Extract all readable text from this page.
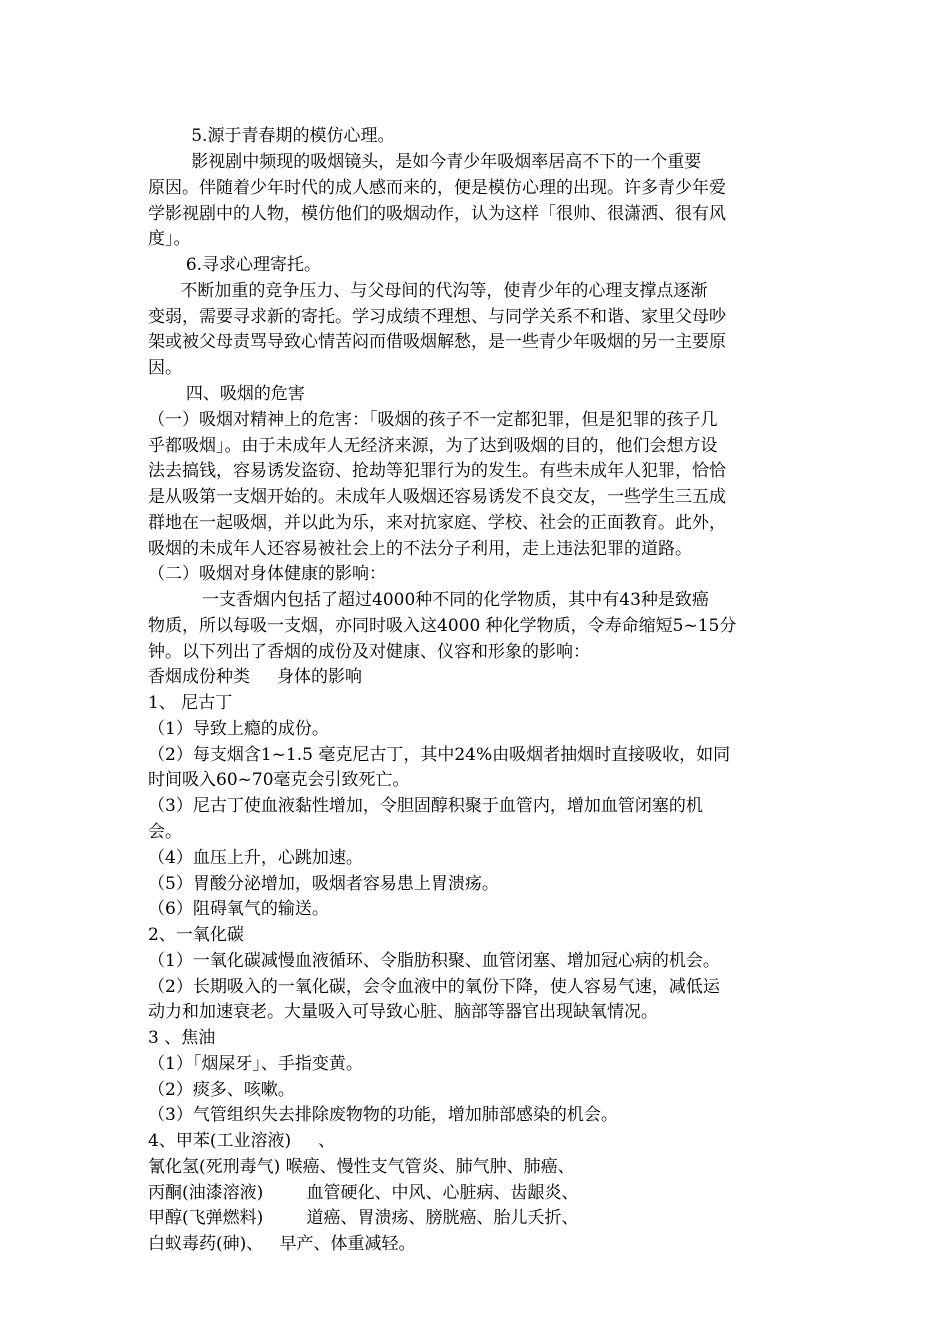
5.源于青春期的模仿心理。
影视剧中频现的吸烟镜头，是如今青少年吸烟率居高不下的一个重要
原因。伴随着少年时代的成人感而来的，便是模仿心理的出现。许多青少年爱
学影视剧中的人物，模仿他们的吸烟动作，认为这样「很帅、很潇洒、很有风
度」。
6.寻求心理寄托。
不断加重的竞争压力、与父母间的代沟等，使青少年的心理支撑点逐渐
变弱，需要寻求新的寄托。学习成绩不理想、与同学关系不和谐、家里父母吵
架或被父母责骂导致心情苦闷而借吸烟解愁，是一些青少年吸烟的另一主要原
因。
四、吸烟的危害
（一）吸烟对精神上的危害：「吸烟的孩子不一定都犯罪，但是犯罪的孩子几
乎都吸烟」。由于未成年人无经济来源，为了达到吸烟的目的，他们会想方设
法去搞钱，容易诱发盗窃、抢劫等犯罪行为的发生。有些未成年人犯罪，恰恰
是从吸第一支烟开始的。未成年人吸烟还容易诱发不良交友，一些学生三五成
群地在一起吸烟，并以此为乐，来对抗家庭、学校、社会的正面教育。此外，
吸烟的未成年人还容易被社会上的不法分子利用，走上违法犯罪的道路。
（二）吸烟对身体健康的影响：
一支香烟内包括了超过4000种不同的化学物质，其中有43种是致癌
物质，所以每吸一支烟，亦同时吸入这4000 种化学物质，令寿命缩短5~15分
钟。以下列出了香烟的成份及对健康、仪容和形象的影响：
香烟成份种类     身体的影响
1、 尼古丁
（1）导致上瘾的成份。
（2）每支烟含1~1.5 毫克尼古丁，其中24%由吸烟者抽烟时直接吸收，如同
时间吸入60~70毫克会引致死亡。
（3）尼古丁使血液黏性增加，令胆固醇积聚于血管内，增加血管闭塞的机
会。
（4）血压上升，心跳加速。
（5）胃酸分泌增加，吸烟者容易患上胃溃疡。
（6）阻碍氧气的输送。
2、一氧化碳
（1）一氧化碳减慢血液循环、令脂肪积聚、血管闭塞、增加冠心病的机会。
（2）长期吸入的一氧化碳，会令血液中的氧份下降，使人容易气速，减低运
动力和加速衰老。大量吸入可导致心脏、脑部等器官出现缺氧情况。
3 、焦油
（1）「烟屎牙」、手指变黄。
（2）痰多、咳嗽。
（3）气管组织失去排除废物物的功能，增加肺部感染的机会。
4、甲苯(工业溶液)     、
氰化氢(死刑毒气) 喉癌、慢性支气管炎、肺气肿、肺癌、
丙酮(油漆溶液)        血管硬化、中风、心脏病、齿龈炎、
甲醇(飞弹燃料)        道癌、胃溃疡、膀胱癌、胎儿夭折、
白蚁毒药(砷)、   早产、体重减轻。
